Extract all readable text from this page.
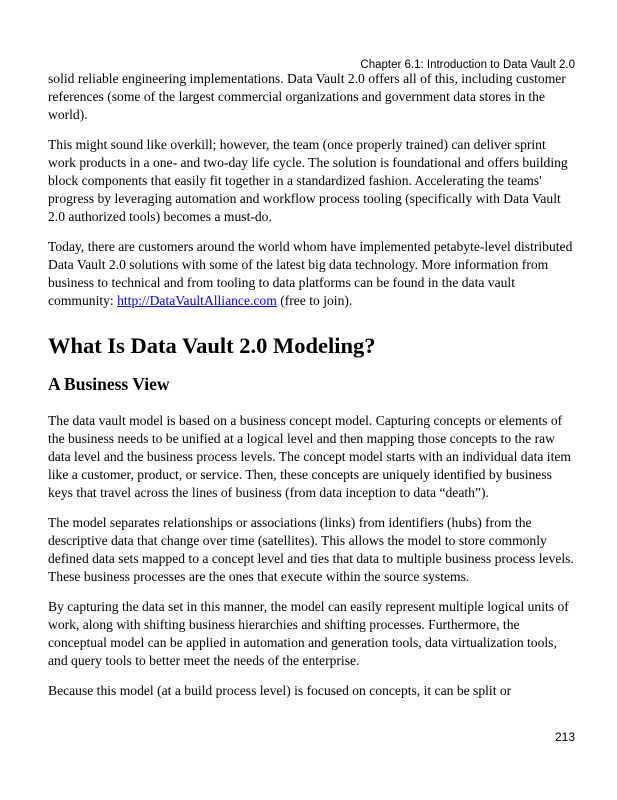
Chapter 6.1: Introduction to Data Vault 2.0

solid reliable engineering implementations. Data Vault 2.0 offers all of this, including customer references (some of the largest commercial organizations and government data stores in the world).

This might sound like overkill; however, the team (once properly trained) can deliver sprint work products in a one- and two-day life cycle. The solution is foundational and offers building block components that easily fit together in a standardized fashion. Accelerating the teams' progress by leveraging automation and workflow process tooling (specifically with Data Vault 2.0 authorized tools) becomes a must-do.

Today, there are customers around the world whom have implemented petabyte-level distributed Data Vault 2.0 solutions with some of the latest big data technology. More information from business to technical and from tooling to data platforms can be found in the data vault community: http://DataVaultAlliance.com (free to join).

What Is Data Vault 2.0 Modeling?
A Business View

The data vault model is based on a business concept model. Capturing concepts or elements of the business needs to be unified at a logical level and then mapping those concepts to the raw data level and the business process levels. The concept model starts with an individual data item like a customer, product, or service. Then, these concepts are uniquely identified by business keys that travel across the lines of business (from data inception to data “death”).

The model separates relationships or associations (links) from identifiers (hubs) from the descriptive data that change over time (satellites). This allows the model to store commonly defined data sets mapped to a concept level and ties that data to multiple business process levels. These business processes are the ones that execute within the source systems.

By capturing the data set in this manner, the model can easily represent multiple logical units of work, along with shifting business hierarchies and shifting processes. Furthermore, the conceptual model can be applied in automation and generation tools, data virtualization tools, and query tools to better meet the needs of the enterprise.

Because this model (at a build process level) is focused on concepts, it can be split or

213
